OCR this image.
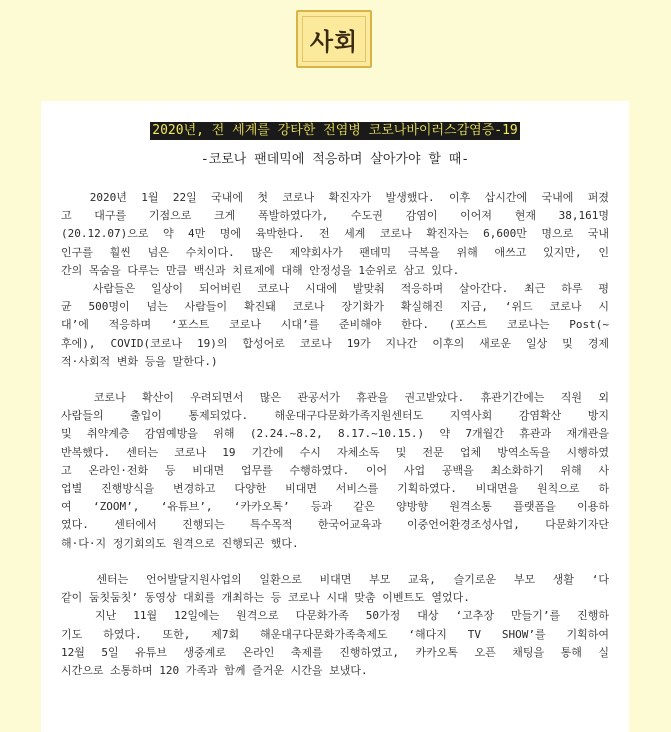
사회
2020년, 전 세계를 강타한 전염병 코로나바이러스감염증-19
-코로나 팬데믹에 적응하며 살아가야 할 때-
2020년 1월 22일 국내에 첫 코로나 확진자가 발생했다. 이후 삽시간에 국내에 퍼졌
고 대구를 기점으로 크게 폭발하였다가, 수도권 감염이 이어져 현재 38,161명
(20.12.07)으로 약 4만 명에 육박한다. 전 세계 코로나 확진자는 6,600만 명으로 국내
인구를 훨씬 넘은 수치이다. 많은 제약회사가 팬데믹 극복을 위해 애쓰고 있지만, 인
간의 목숨을 다루는 만큼 백신과 치료제에 대해 안정성을 1순위로 삼고 있다.
사람들은 일상이 되어버린 코로나 시대에 발맞춰 적응하며 살아간다. 최근 하루 평
균 500명이 넘는 사람들이 확진돼 코로나 장기화가 확실해진 지금, ‘위드 코로나 시
대’에 적응하며 ‘포스트 코로나 시대’를 준비해야 한다. (포스트 코로나는 Post(~
후에), COVID(코로나 19)의 합성어로 코로나 19가 지나간 이후의 새로운 일상 및 경제
적·사회적 변화 등을 말한다.)
코로나 확산이 우려되면서 많은 관공서가 휴관을 권고받았다. 휴관기간에는 직원 외
사람들의 출입이 통제되었다. 해운대구다문화가족지원센터도 지역사회 감염확산 방지
및 취약계층 감염예방을 위해 (2.24.~8.2, 8.17.~10.15.) 약 7개월간 휴관과 재개관을
반복했다. 센터는 코로나 19 기간에 수시 자체소독 및 전문 업체 방역소독을 시행하였
고 온라인·전화 등 비대면 업무를 수행하였다. 이어 사업 공백을 최소화하기 위해 사
업별 진행방식을 변경하고 다양한 비대면 서비스를 기획하였다. 비대면을 원칙으로 하
여 ‘ZOOM’, ‘유튜브’, ‘카카오톡’ 등과 같은 양방향 원격소통 플랫폼을 이용하
였다. 센터에서 진행되는 특수목적 한국어교육과 이중언어환경조성사업, 다문화기자단
해·다·지 정기회의도 원격으로 진행되곤 했다.
센터는 언어발달지원사업의 일환으로 비대면 부모 교육, 슬기로운 부모 생활 ‘다
같이 둠칫둠칫’ 동영상 대회를 개최하는 등 코로나 시대 맞춤 이벤트도 열었다.
지난 11월 12일에는 원격으로 다문화가족 50가정 대상 ‘고추장 만들기’를 진행하
기도 하였다. 또한, 제7회 해운대구다문화가족축제도 ‘해다지 TV SHOW’를 기획하여
12월 5일 유튜브 생중계로 온라인 축제를 진행하였고, 카카오톡 오픈 채팅을 통해 실
시간으로 소통하며 120 가족과 함께 즐거운 시간을 보냈다.
